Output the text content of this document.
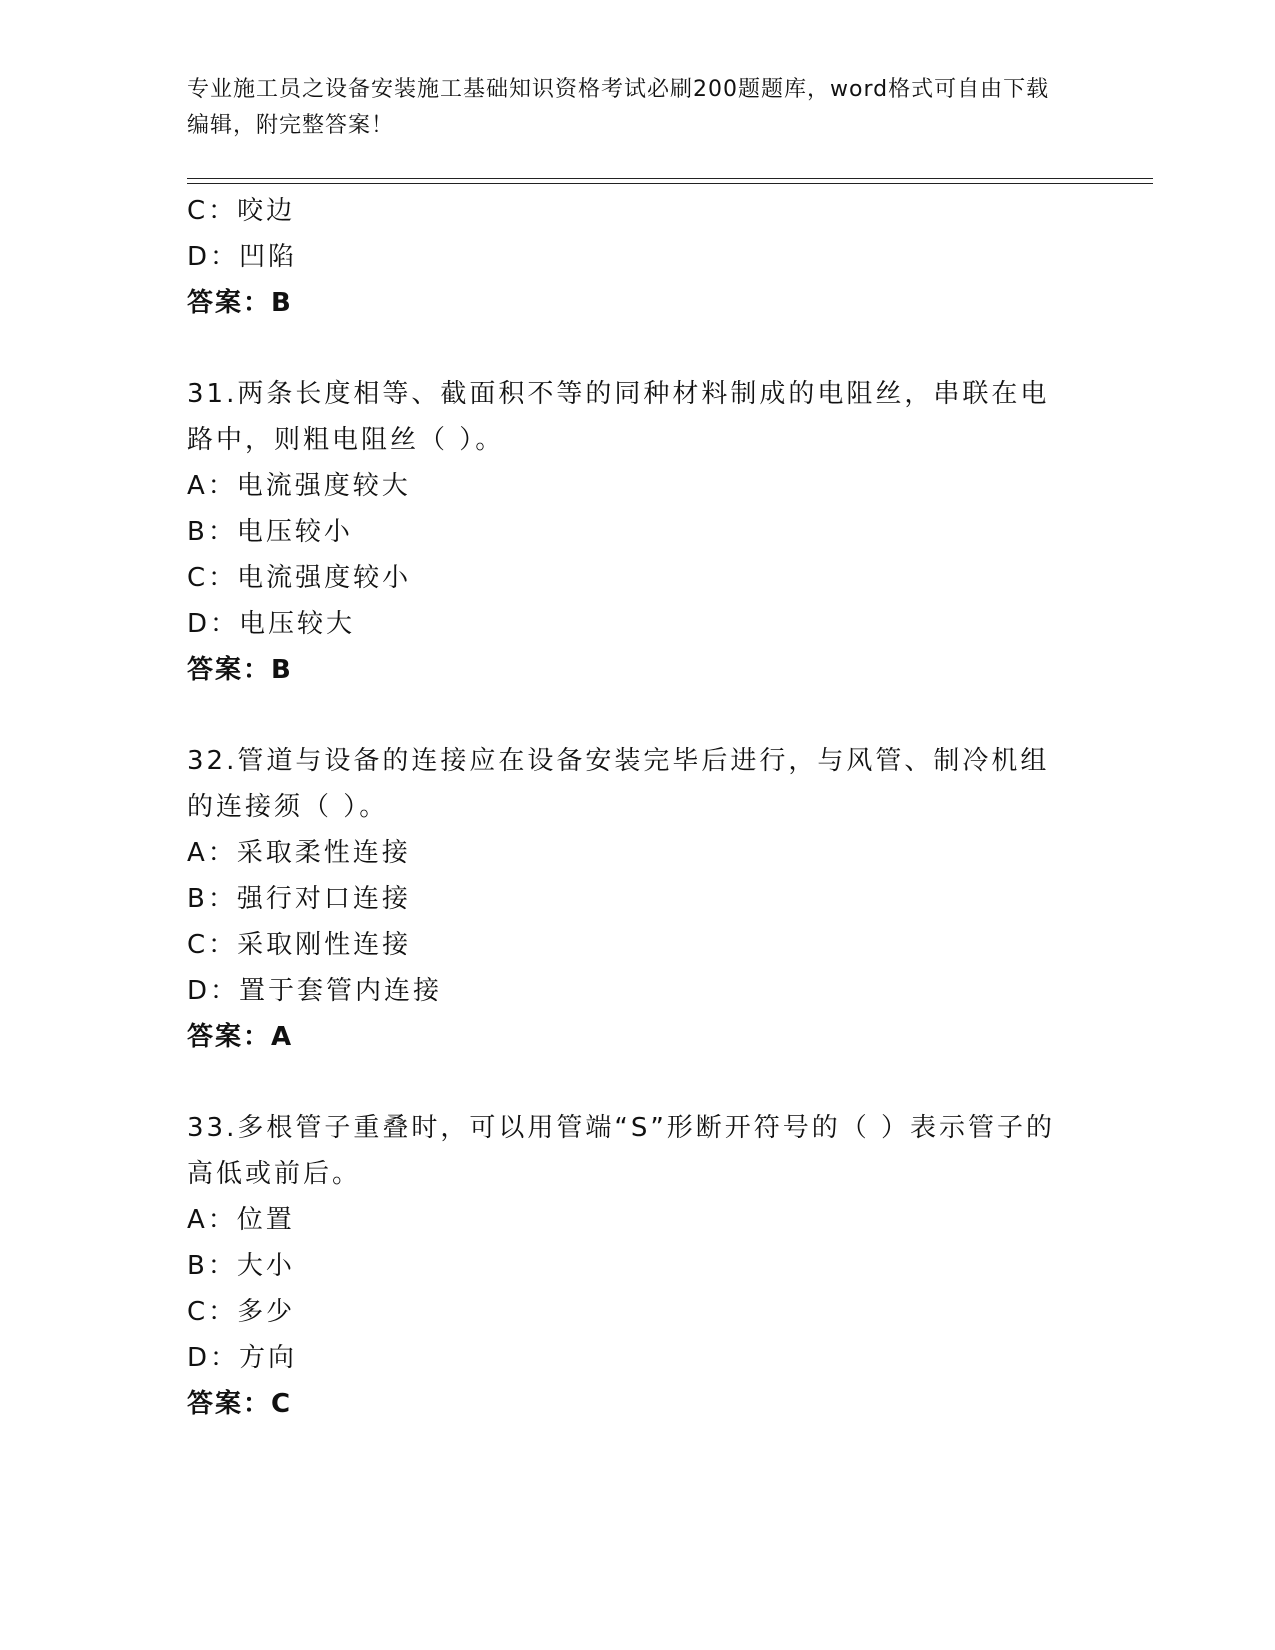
专业施工员之设备安装施工基础知识资格考试必刷200题题库，word格式可自由下载编辑，附完整答案！
C：咬边
D：凹陷
答案：B
31.两条长度相等、截面积不等的同种材料制成的电阻丝，串联在电路中，则粗电阻丝（ ）。
A：电流强度较大
B：电压较小
C：电流强度较小
D：电压较大
答案：B
32.管道与设备的连接应在设备安装完毕后进行，与风管、制冷机组的连接须（ ）。
A：采取柔性连接
B：强行对口连接
C：采取刚性连接
D：置于套管内连接
答案：A
33.多根管子重叠时，可以用管端“S”形断开符号的（ ）表示管子的高低或前后。
A：位置
B：大小
C：多少
D：方向
答案：C
